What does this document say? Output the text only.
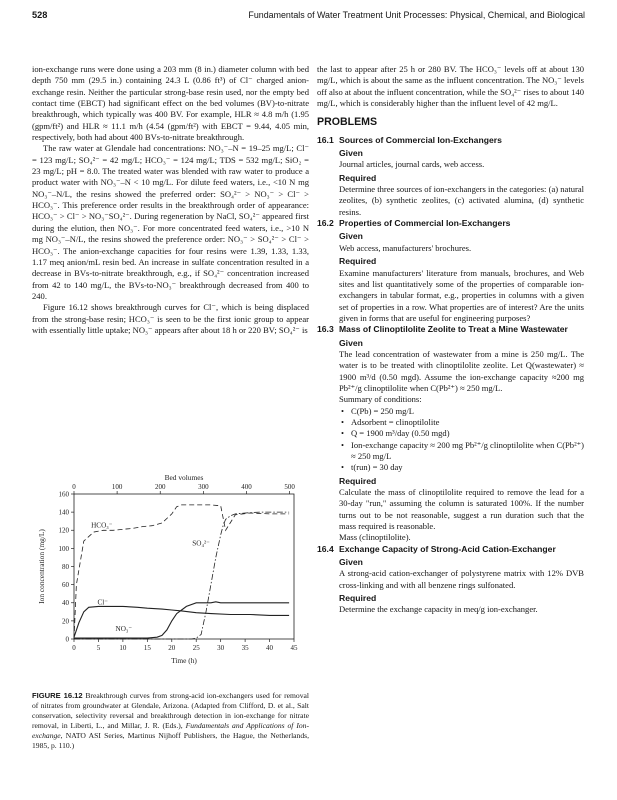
528	Fundamentals of Water Treatment Unit Processes: Physical, Chemical, and Biological

ion-exchange runs were done using a 203 mm (8 in.) diameter column with bed depth 750 mm (29.5 in.) containing 24.3 L (0.86 ft³) of Cl⁻ charged anion-exchange resin. Neither the particular strong-base resin used, nor the empty bed contact time (EBCT) had significant effect on the bed volumes (BV)-to-nitrate breakthrough, which typically was 400 BV. For example, HLR ≈ 4.8 m/h (1.95 (gpm/ft²) and HLR ≈ 11.1 m/h (4.54 (gpm/ft²) with EBCT = 9.44, 4.05 min, respectively, both had about 400 BVs-to-nitrate breakthrough.

The raw water at Glendale had concentrations: NO₃⁻–N = 19–25 mg/L; Cl⁻ = 123 mg/L; SO₄²⁻ = 42 mg/L; HCO₃⁻ = 124 mg/L; TDS = 532 mg/L; SiO₂ = 23 mg/L; pH = 8.0. The treated water was blended with raw water to produce a product water with NO₃⁻–N < 10 mg/L. For dilute feed waters, i.e., <10 N mg NO₃⁻–N/L, the resins showed the preferred order: SO₄²⁻ > NO₃⁻ > Cl⁻ > HCO₃⁻. This preference order results in the breakthrough order of appearance: HCO₃⁻ > Cl⁻ > NO₃⁻SO₄²⁻. During regeneration by NaCl, SO₄²⁻ appeared first during the elution, then NO₃⁻. For more concentrated feed waters, i.e., >10 N mg NO₃⁻–N/L, the resins showed the preference order: NO₃⁻ > SO₄²⁻ > Cl⁻ > HCO₃⁻. The anion-exchange capacities for four resins were 1.39, 1.33, 1.33, 1.17 meq anion/mL resin bed. An increase in sulfate concentration resulted in a decrease in BVs-to-nitrate breakthrough, e.g., if SO₄²⁻ concentration increased from 42 to 140 mg/L, the BVs-to-NO₃⁻ breakthrough decreased from 400 to 240.

Figure 16.12 shows breakthrough curves for Cl⁻, which is being displaced from the strong-base resin; HCO₃⁻ is seen to be the first ionic group to appear with essentially little uptake; NO₃⁻ appears after about 18 h or 220 BV; SO₄²⁻ is

Bed volumes
0	100	200	300	400	500
0	5	10 15 20 25 30 35 40 45
Time (h)
0
20
40
60
80
100
120
140
160
Ion concentration (mg/L)
HCO₃⁻
SO₄²⁻
Cl⁻
NO₃⁻
FIGURE 16.12 Breakthrough curves from strong-acid ion-exchangers used for removal of nitrates from groundwater at Glendale, Arizona. (Adapted from Clifford, D. et al., Salt conservation, selectivity reversal and breakthrough detection in ion-exchange for nitrate removal, in Liberti, L., and Millar, J. R. (Eds.), Fundamentals and Applications of Ion-exchange, NATO ASI Series, Martinus Nijhoff Publishers, the Hague, the Netherlands, 1985, p. 110.)

the last to appear after 25 h or 280 BV. The HCO₃⁻ levels off at about 130 mg/L, which is about the same as the influent concentration. The NO₃⁻ levels off also at about the influent concentration, while the SO₄²⁻ rises to about 140 mg/L, which is considerably higher than the influent level of 42 mg/L.

PROBLEMS
16.1 Sources of Commercial Ion-Exchangers
Given

Journal articles, journal cards, web access.

Required

Determine three sources of ion-exchangers in the categories: (a) natural zeolites, (b) synthetic zeolites, (c) activated alumina, (d) synthetic resins.

16.2 Properties of Commercial Ion-Exchangers
Given

Web access, manufacturers' brochures.

Required

Examine manufacturers' literature from manuals, brochures, and Web sites and list quantitatively some of the properties of comparable ion-exchangers in tabular format, e.g., properties in columns with a given set of properties in a row. What properties are of interest? Are the units given in forms that are useful for engineering purposes?

16.3 Mass of Clinoptilolite Zeolite to Treat a Mine Wastewater
Given

The lead concentration of wastewater from a mine is 250 mg/L. The water is to be treated with clinoptilolite zeolite. Let Q(wastewater) ≈ 1900 m³/d (0.50 mgd). Assume the ion-exchange capacity ≈200 mg Pb²⁺/g clinoptilolite when C(Pb²⁺) ≈ 250 mg/L.

Summary of conditions:

• C(Pb) = 250 mg/L
• Adsorbent = clinoptilolite
• Q = 1900 m³/day (0.50 mgd)
• Ion-exchange capacity ≈ 200 mg Pb²⁺/g clinoptilolite when C(Pb²⁺) ≈ 250 mg/L
• t(run) = 30 day
Required

Calculate the mass of clinoptilolite required to remove the lead for a 30-day "run," assuming the column is saturated 100%. If the number turns out to be not reasonable, suggest a run duration such that the mass required is reasonable.

Mass (clinoptilolite).

16.4 Exchange Capacity of Strong-Acid Cation-Exchanger
Given

A strong-acid cation-exchanger of polystyrene matrix with 12% DVB cross-linking and with all benzene rings sulfonated.

Required

Determine the exchange capacity in meq/g ion-exchanger.
